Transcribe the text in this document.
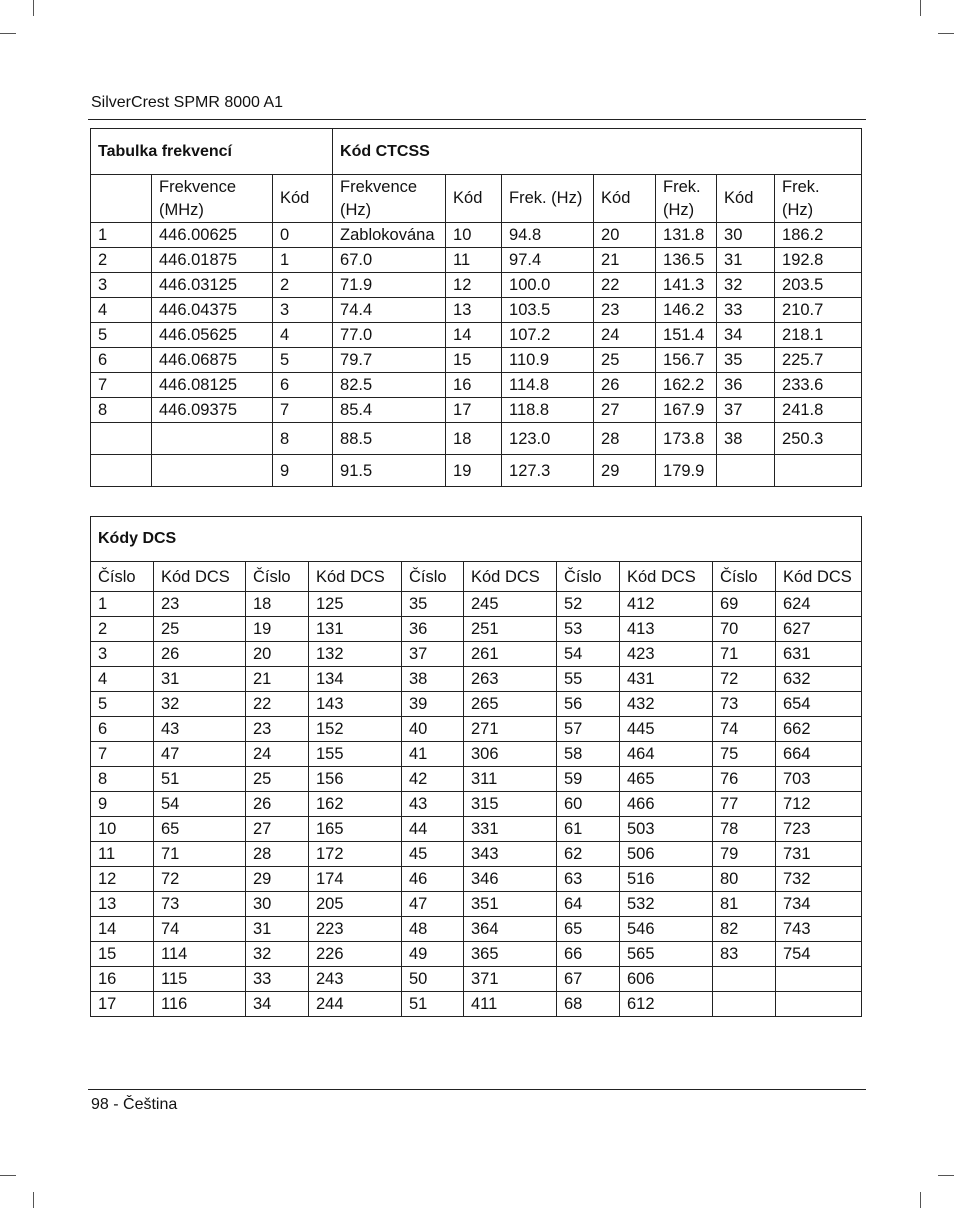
SilverCrest SPMR 8000 A1
Tabulka frekvencí			Kód CTCSS						
	Frekvence (MHz)	Kód	Frekvence (Hz)	Kód	Frek. (Hz)	Kód	Frek. (Hz)	Kód	Frek. (Hz)
1	446.00625	0	Zablokována	10	94.8	20	131.8	30	186.2
2	446.01875	1	67.0	11	97.4	21	136.5	31	192.8
3	446.03125	2	71.9	12	100.0	22	141.3	32	203.5
4	446.04375	3	74.4	13	103.5	23	146.2	33	210.7
5	446.05625	4	77.0	14	107.2	24	151.4	34	218.1
6	446.06875	5	79.7	15	110.9	25	156.7	35	225.7
7	446.08125	6	82.5	16	114.8	26	162.2	36	233.6
8	446.09375	7	85.4	17	118.8	27	167.9	37	241.8
		8	88.5	18	123.0	28	173.8	38	250.3
		9	91.5	19	127.3	29	179.9		
Kódy DCS									
Číslo	Kód DCS	Číslo	Kód DCS	Číslo	Kód DCS	Číslo	Kód DCS	Číslo	Kód DCS
1	23	18	125	35	245	52	412	69	624
2	25	19	131	36	251	53	413	70	627
3	26	20	132	37	261	54	423	71	631
4	31	21	134	38	263	55	431	72	632
5	32	22	143	39	265	56	432	73	654
6	43	23	152	40	271	57	445	74	662
7	47	24	155	41	306	58	464	75	664
8	51	25	156	42	311	59	465	76	703
9	54	26	162	43	315	60	466	77	712
10	65	27	165	44	331	61	503	78	723
11	71	28	172	45	343	62	506	79	731
12	72	29	174	46	346	63	516	80	732
13	73	30	205	47	351	64	532	81	734
14	74	31	223	48	364	65	546	82	743
15	114	32	226	49	365	66	565	83	754
16	115	33	243	50	371	67	606		
17	116	34	244	51	411	68	612		
98 - Čeština
